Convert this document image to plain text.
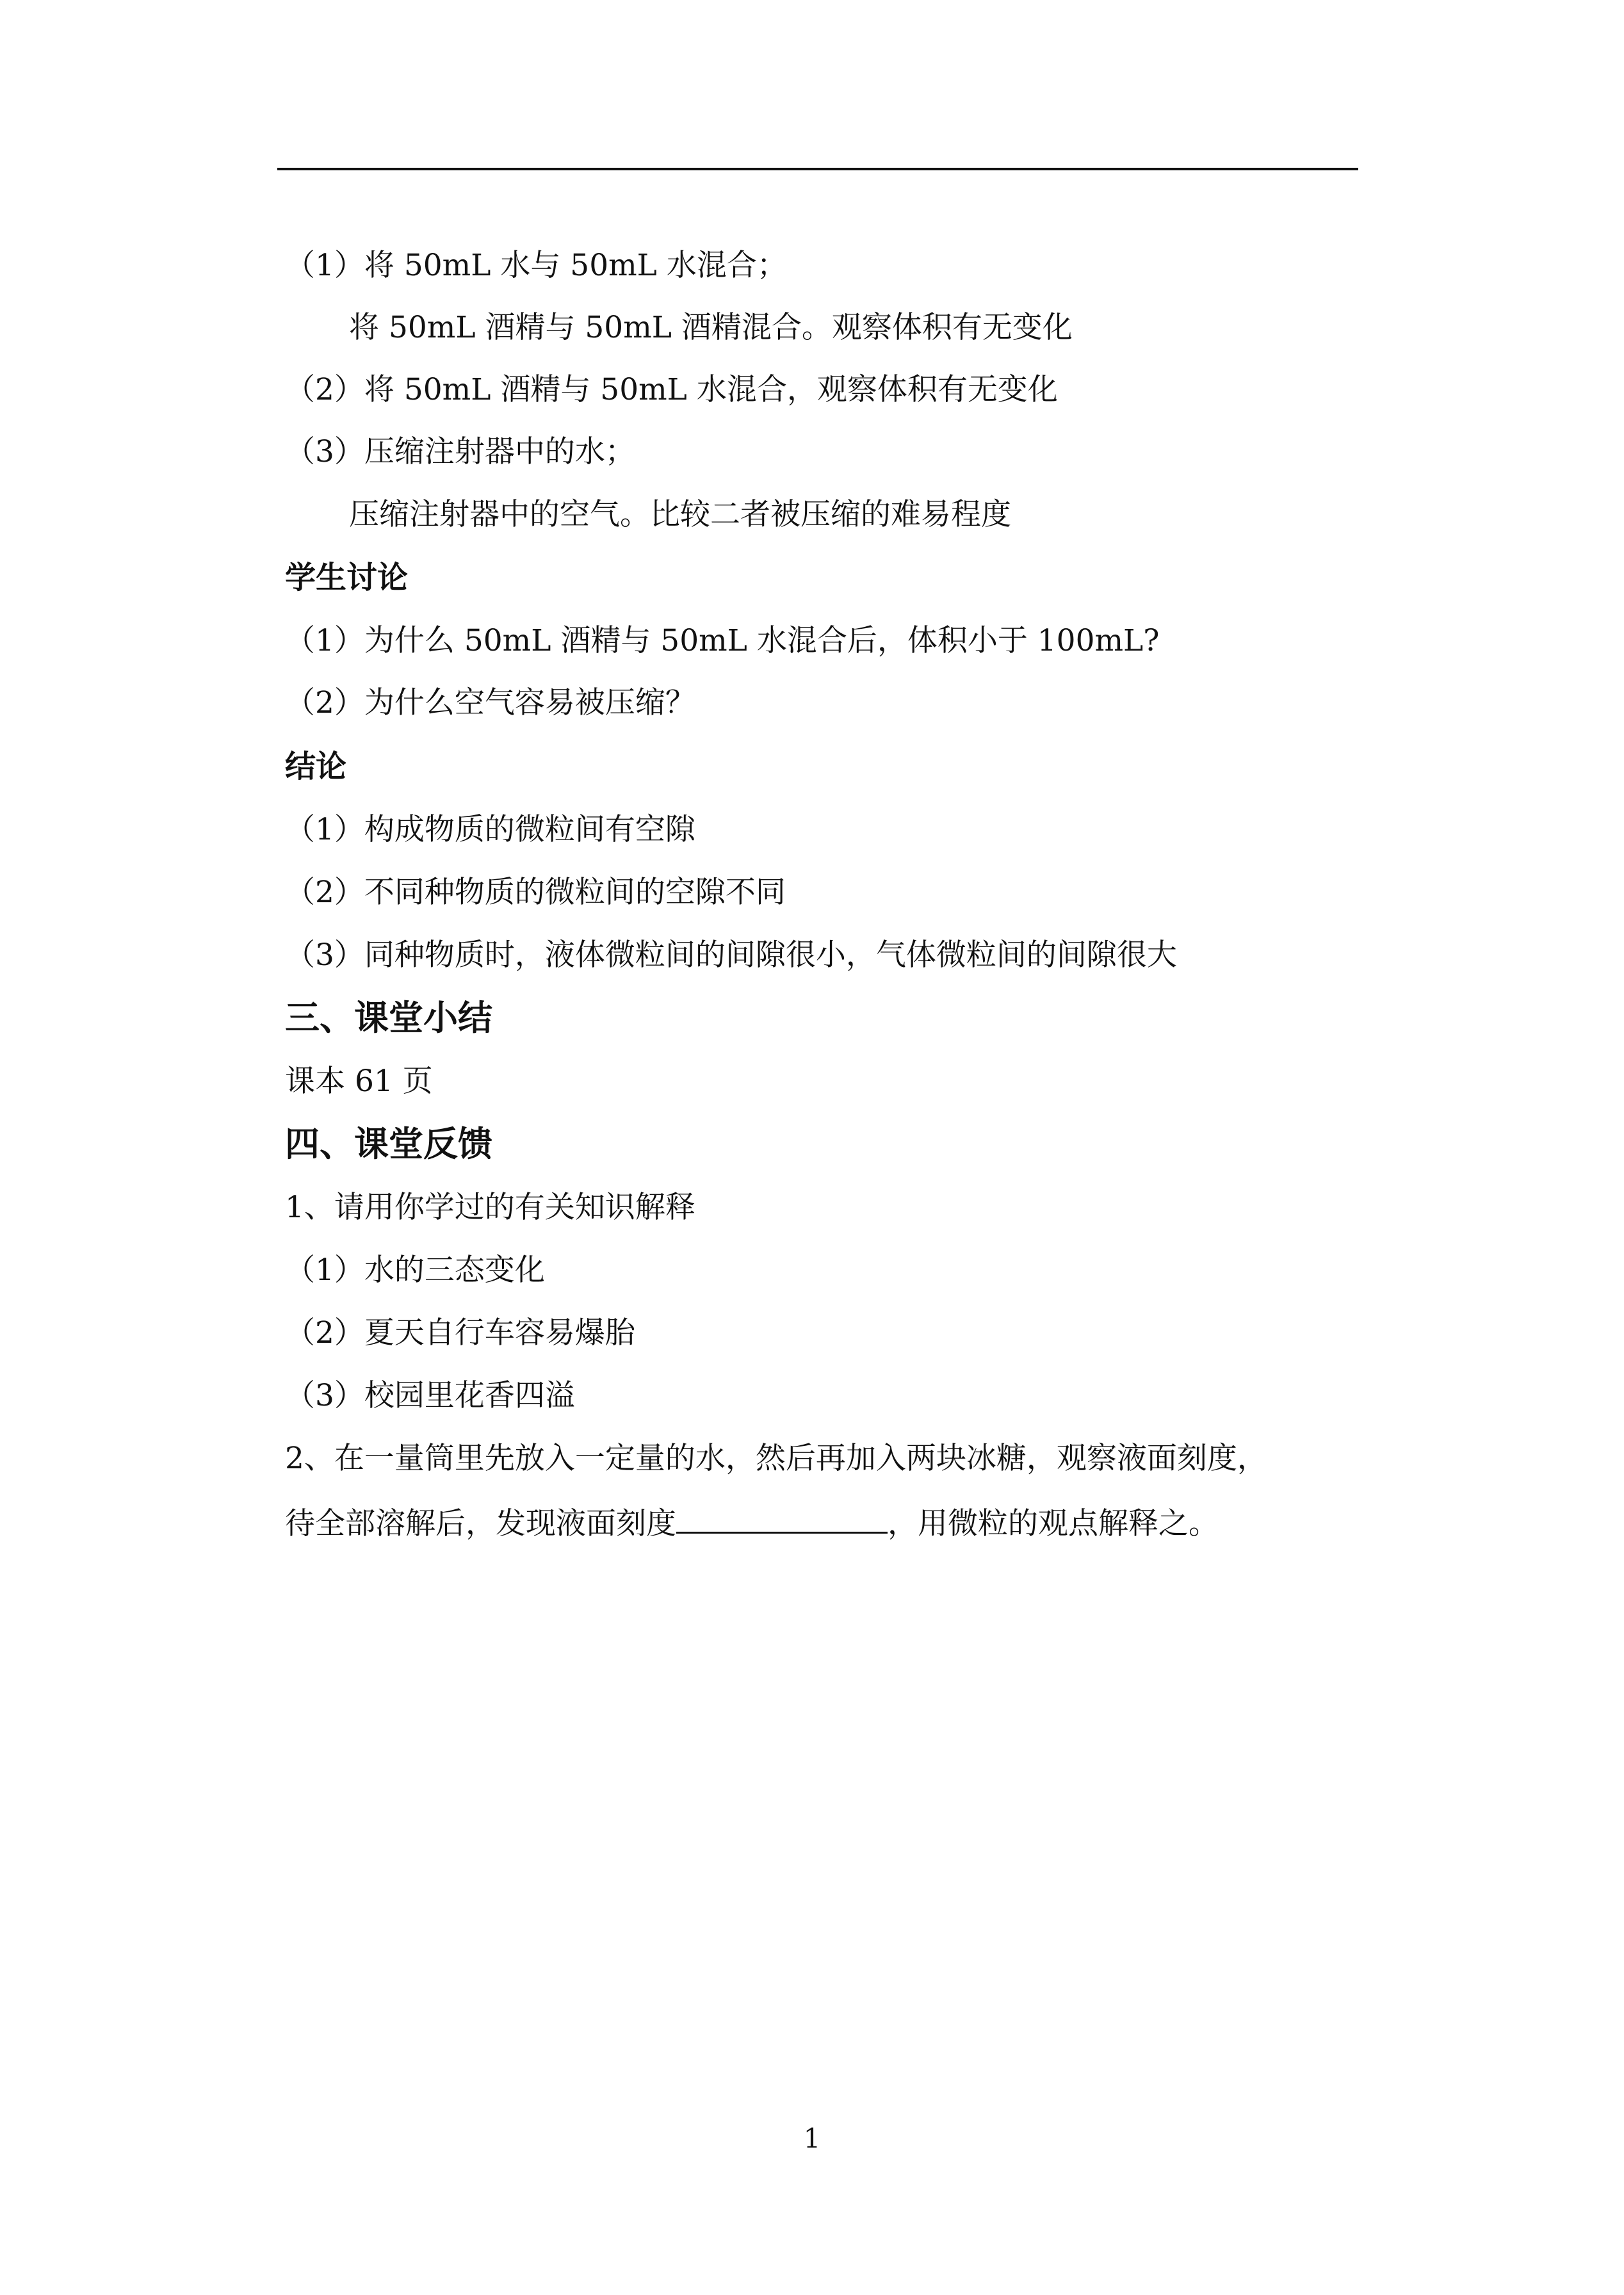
（1）将 50mL 水与 50mL 水混合；
将 50mL 酒精与 50mL 酒精混合。观察体积有无变化
（2）将 50mL 酒精与 50mL 水混合，观察体积有无变化
（3）压缩注射器中的水；
压缩注射器中的空气。比较二者被压缩的难易程度
学生讨论
（1）为什么 50mL 酒精与 50mL 水混合后，体积小于 100mL?
（2）为什么空气容易被压缩？
结论
（1）构成物质的微粒间有空隙
（2）不同种物质的微粒间的空隙不同
（3）同种物质时，液体微粒间的间隙很小，气体微粒间的间隙很大
三、课堂小结
课本 61 页
四、课堂反馈
1、请用你学过的有关知识解释
（1）水的三态变化
（2）夏天自行车容易爆胎
（3）校园里花香四溢
2、在一量筒里先放入一定量的水，然后再加入两块冰糖，观察液面刻度，
待全部溶解后，发现液面刻度	，用微粒的观点解释之。
1
